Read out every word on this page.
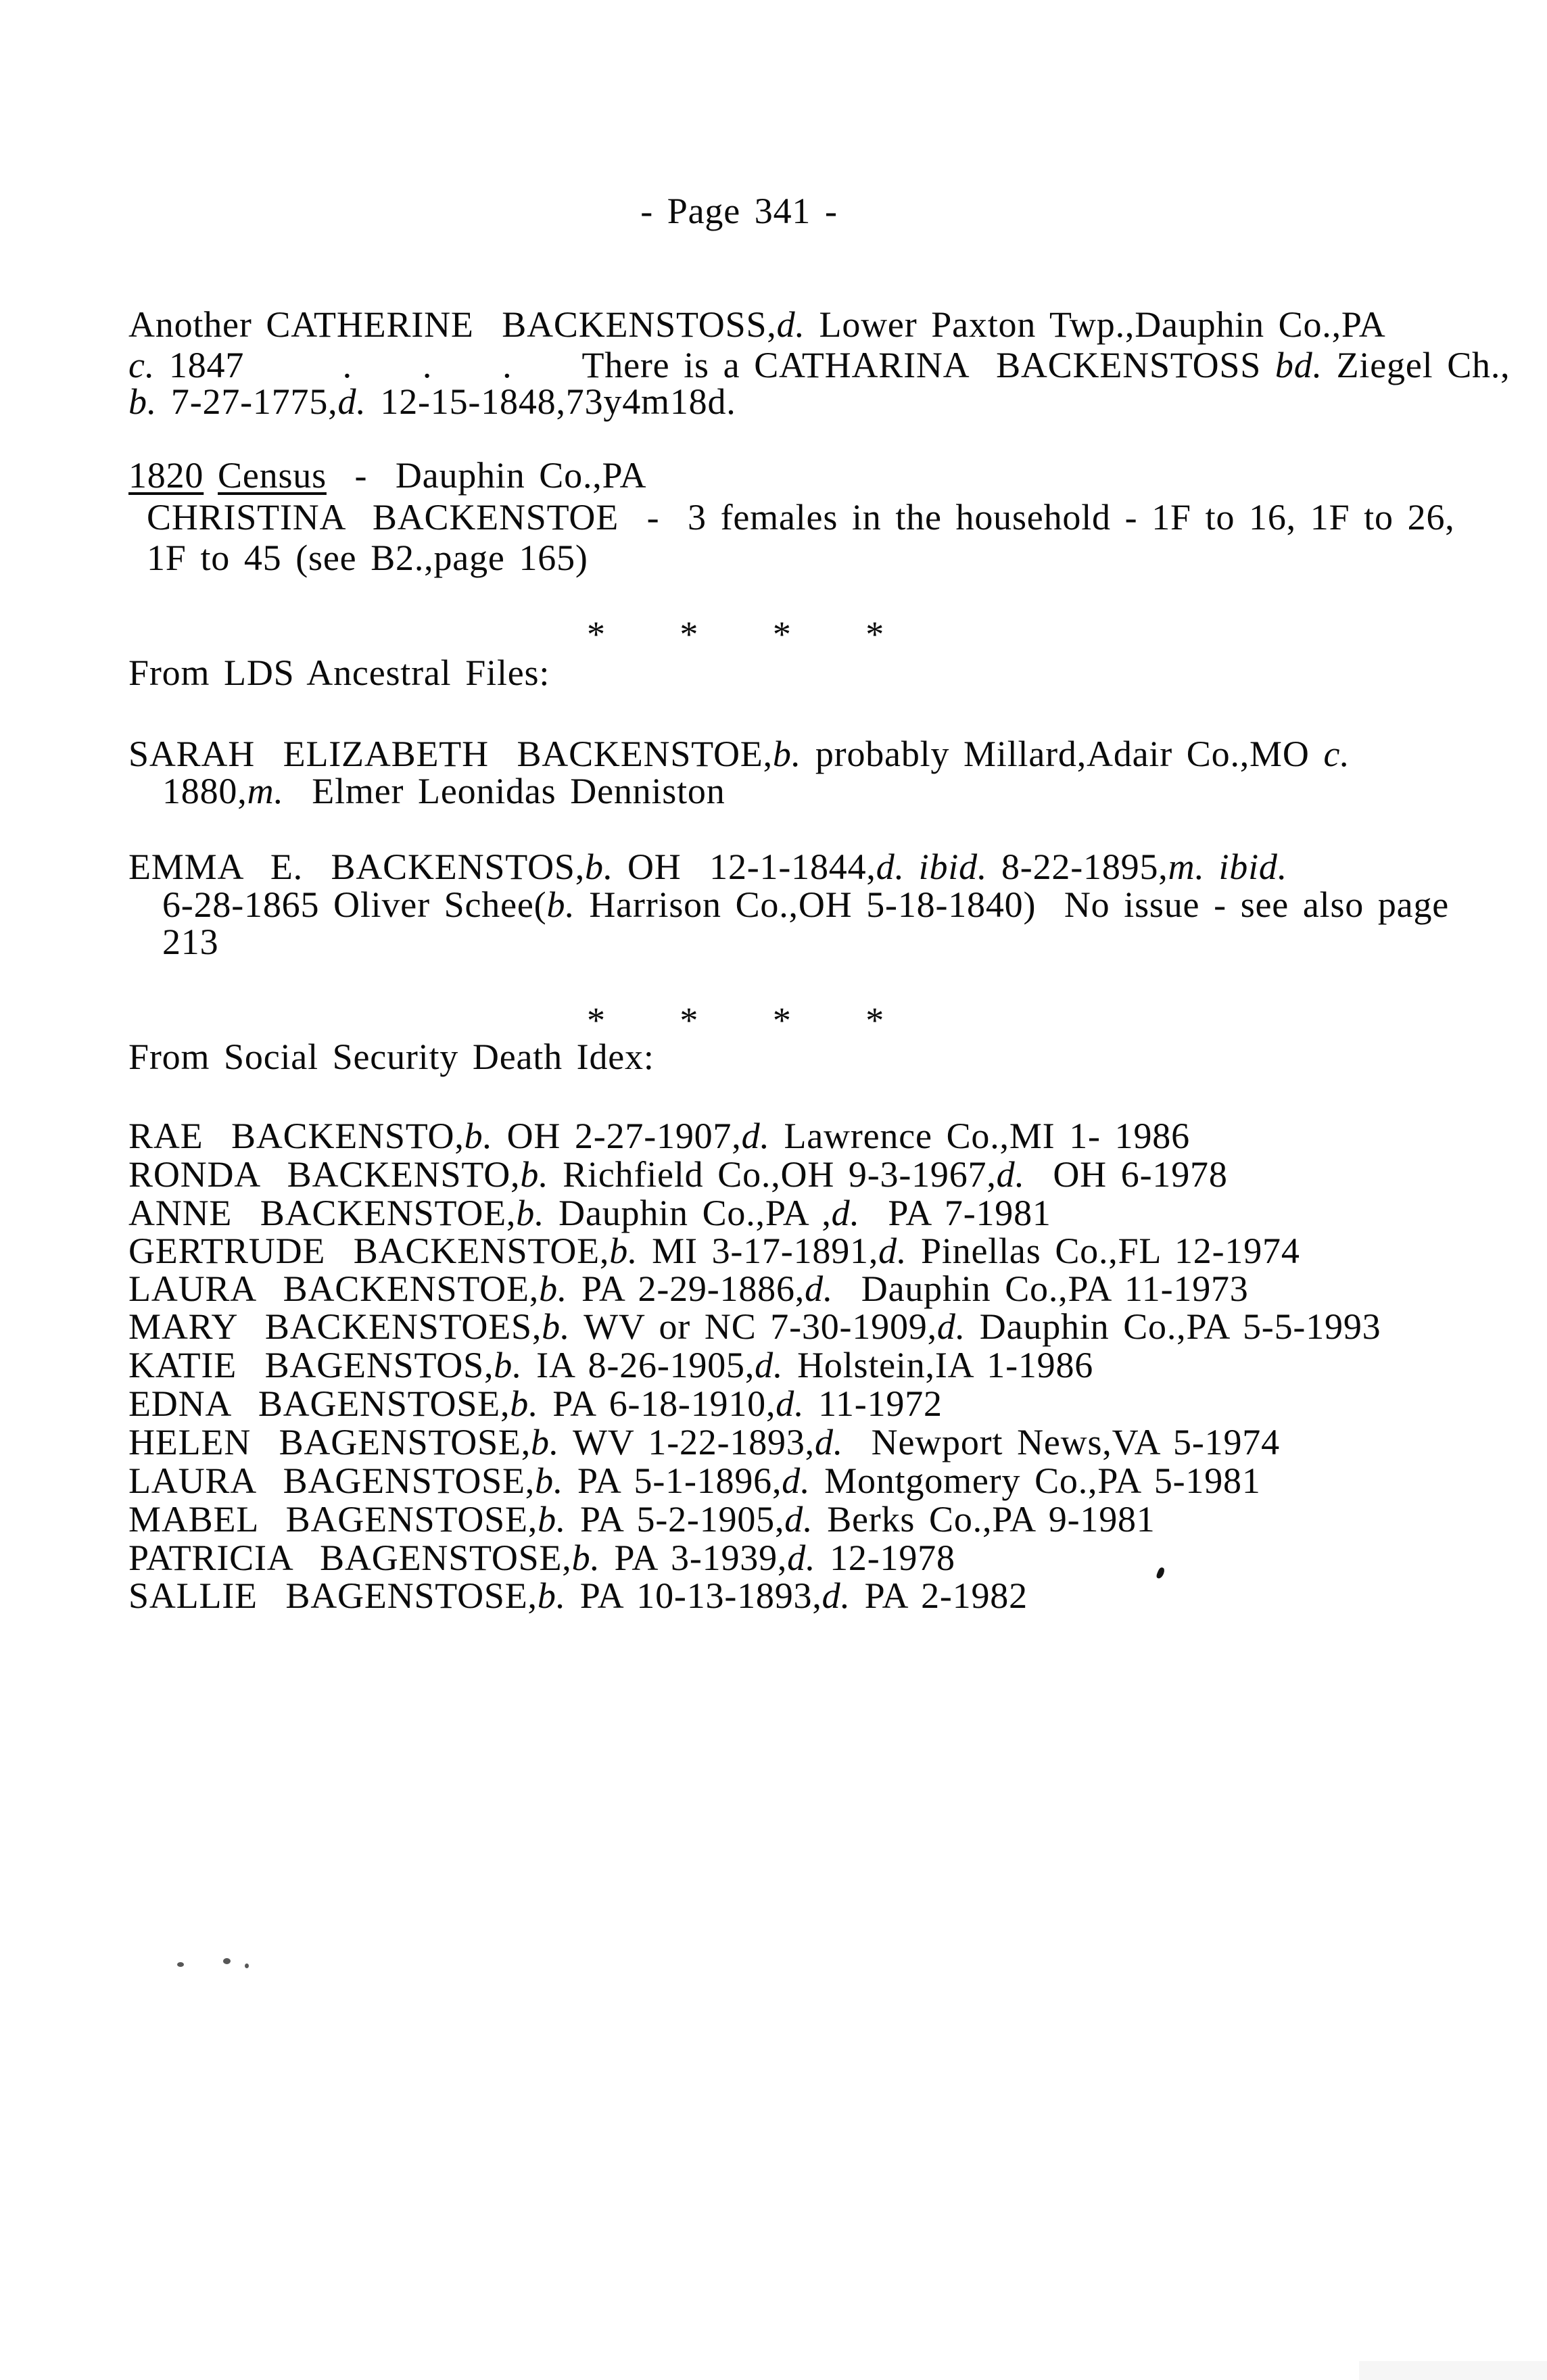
- Page 341 -
Another CATHERINE  BACKENSTOSS,d. Lower Paxton Twp.,Dauphin Co.,PA
c. 1847       .     .     .     There is a CATHARINA  BACKENSTOSS bd. Ziegel Ch.,
b. 7-27-1775,d. 12-15-1848,73y4m18d.
1820 Census  -  Dauphin Co.,PA
CHRISTINA  BACKENSTOE  -  3 females in the household - 1F to 16, 1F to 26,
1F to 45 (see B2.,page 165)
*  *  *  *
From LDS Ancestral Files:
SARAH  ELIZABETH  BACKENSTOE,b. probably Millard,Adair Co.,MO c.
1880,m.  Elmer Leonidas Denniston
EMMA  E.  BACKENSTOS,b. OH  12-1-1844,d. ibid. 8-22-1895,m. ibid.
6-28-1865 Oliver Schee(b. Harrison Co.,OH 5-18-1840)  No issue - see also page
213
*  *  *  *
From Social Security Death Idex:
RAE  BACKENSTO,b. OH 2-27-1907,d. Lawrence Co.,MI 1- 1986
RONDA  BACKENSTO,b. Richfield Co.,OH 9-3-1967,d.  OH 6-1978
ANNE  BACKENSTOE,b. Dauphin Co.,PA ,d.  PA 7-1981
GERTRUDE  BACKENSTOE,b. MI 3-17-1891,d. Pinellas Co.,FL 12-1974
LAURA  BACKENSTOE,b. PA 2-29-1886,d.  Dauphin Co.,PA 11-1973
MARY  BACKENSTOES,b. WV or NC 7-30-1909,d. Dauphin Co.,PA 5-5-1993
KATIE  BAGENSTOS,b. IA 8-26-1905,d. Holstein,IA 1-1986
EDNA  BAGENSTOSE,b. PA 6-18-1910,d. 11-1972
HELEN  BAGENSTOSE,b. WV 1-22-1893,d.  Newport News,VA 5-1974
LAURA  BAGENSTOSE,b. PA 5-1-1896,d. Montgomery Co.,PA 5-1981
MABEL  BAGENSTOSE,b. PA 5-2-1905,d. Berks Co.,PA 9-1981
PATRICIA  BAGENSTOSE,b. PA 3-1939,d. 12-1978
SALLIE  BAGENSTOSE,b. PA 10-13-1893,d. PA 2-1982
